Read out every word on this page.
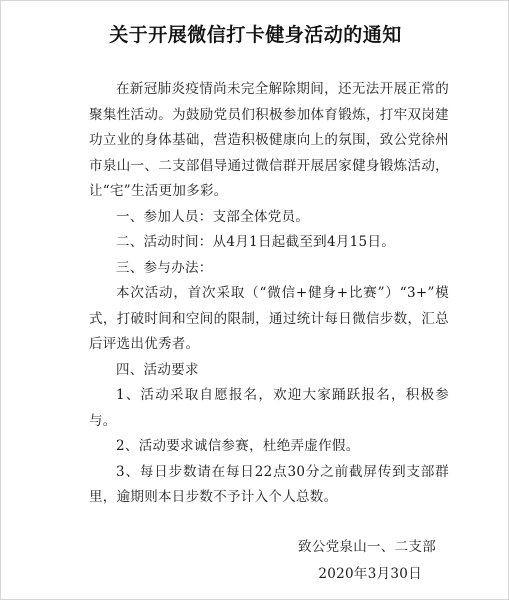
关于开展微信打卡健身活动的通知

在新冠肺炎疫情尚未完全解除期间，还无法开展正常的聚集性活动。为鼓励党员们积极参加体育锻炼，打牢双岗建功立业的身体基础，营造积极健康向上的氛围，致公党徐州市泉山一、二支部倡导通过微信群开展居家健身锻炼活动，让“宅”生活更加多彩。

一、参加人员：支部全体党员。

二、活动时间：从4月1日起截至到4月15日。

三、参与办法：

本次活动，首次采取（“微信+健身+比赛”）“3+”模式，打破时间和空间的限制，通过统计每日微信步数，汇总后评选出优秀者。

四、活动要求

1、活动采取自愿报名，欢迎大家踊跃报名，积极参与。

2、活动要求诚信参赛，杜绝弄虚作假。

3、每日步数请在每日22点30分之前截屏传到支部群里，逾期则本日步数不予计入个人总数。

致公党泉山一、二支部
2020年3月30日
